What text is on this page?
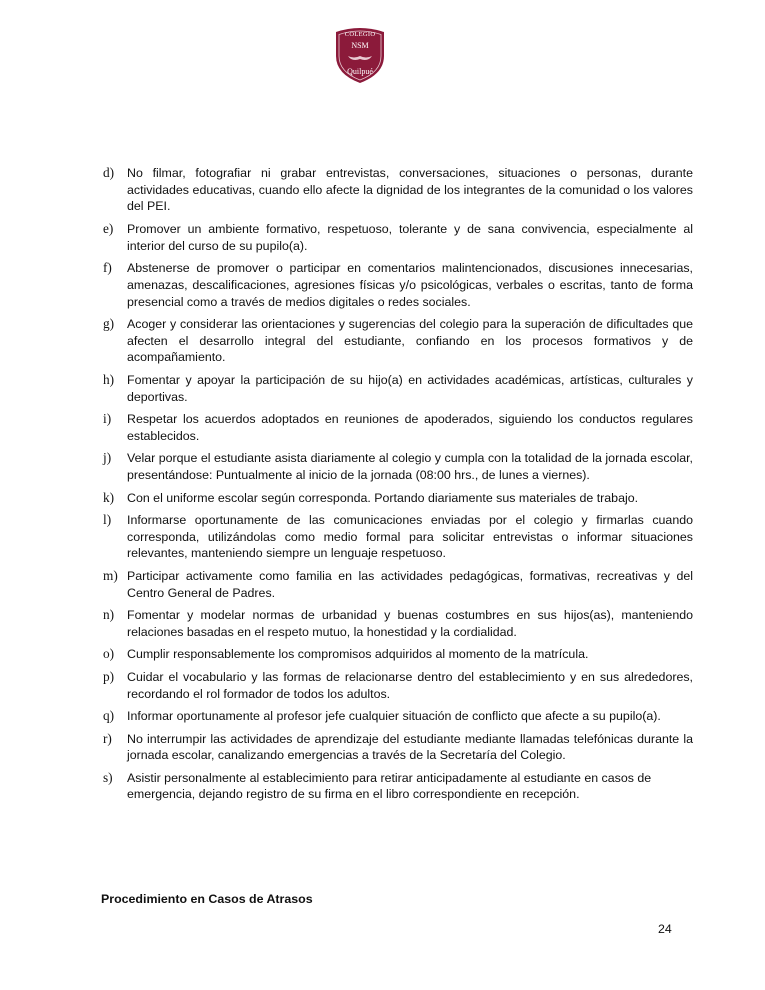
COLEGIO
NSM
Quilpué
d) No filmar, fotografiar ni grabar entrevistas, conversaciones, situaciones o personas, durante actividades educativas, cuando ello afecte la dignidad de los integrantes de la comunidad o los valores del PEI.
e) Promover un ambiente formativo, respetuoso, tolerante y de sana convivencia, especialmente al interior del curso de su pupilo(a).
f) Abstenerse de promover o participar en comentarios malintencionados, discusiones innecesarias, amenazas, descalificaciones, agresiones físicas y/o psicológicas, verbales o escritas, tanto de forma presencial como a través de medios digitales o redes sociales.
g) Acoger y considerar las orientaciones y sugerencias del colegio para la superación de dificultades que afecten el desarrollo integral del estudiante, confiando en los procesos formativos y de acompañamiento.
h) Fomentar y apoyar la participación de su hijo(a) en actividades académicas, artísticas, culturales y deportivas.
i) Respetar los acuerdos adoptados en reuniones de apoderados, siguiendo los conductos regulares establecidos.
j) Velar porque el estudiante asista diariamente al colegio y cumpla con la totalidad de la jornada escolar, presentándose: Puntualmente al inicio de la jornada (08:00 hrs., de lunes a viernes).
k) Con el uniforme escolar según corresponda. Portando diariamente sus materiales de trabajo.
l) Informarse oportunamente de las comunicaciones enviadas por el colegio y firmarlas cuando corresponda, utilizándolas como medio formal para solicitar entrevistas o informar situaciones relevantes, manteniendo siempre un lenguaje respetuoso.
m) Participar activamente como familia en las actividades pedagógicas, formativas, recreativas y del Centro General de Padres.
n) Fomentar y modelar normas de urbanidad y buenas costumbres en sus hijos(as), manteniendo relaciones basadas en el respeto mutuo, la honestidad y la cordialidad.
o) Cumplir responsablemente los compromisos adquiridos al momento de la matrícula.
p) Cuidar el vocabulario y las formas de relacionarse dentro del establecimiento y en sus alrededores, recordando el rol formador de todos los adultos.
q) Informar oportunamente al profesor jefe cualquier situación de conflicto que afecte a su pupilo(a).
r) No interrumpir las actividades de aprendizaje del estudiante mediante llamadas telefónicas durante la jornada escolar, canalizando emergencias a través de la Secretaría del Colegio.
s) Asistir personalmente al establecimiento para retirar anticipadamente al estudiante en casos de emergencia, dejando registro de su firma en el libro correspondiente en recepción.
Procedimiento en Casos de Atrasos
24
